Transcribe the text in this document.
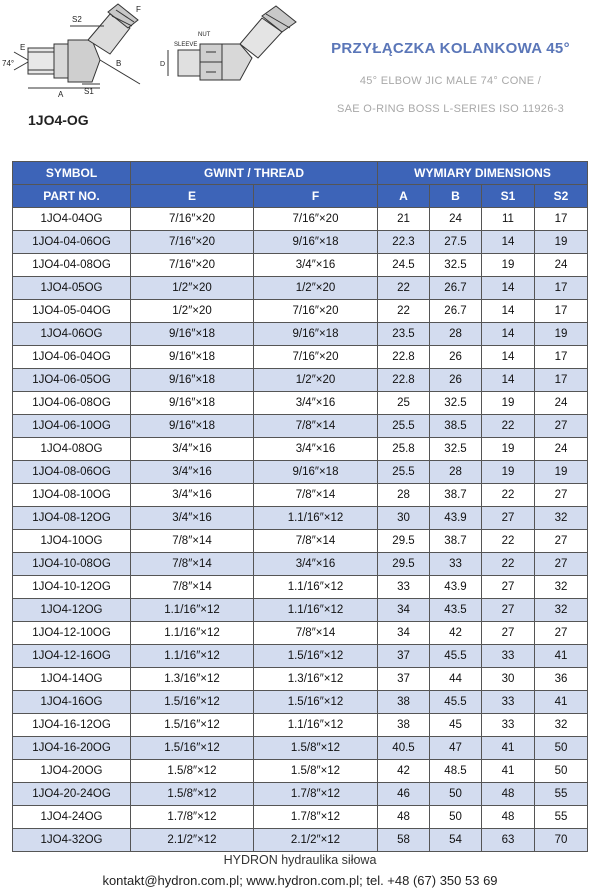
S2
E
74°
A	S1
B
F
NUT
SLEEVE
D
1JO4-OG
PRZYŁĄCZKA KOLANKOWA 45°
45° ELBOW JIC MALE 74° CONE /
SAE O-RING BOSS L-SERIES ISO 11926-3
SYMBOL	GWINT / THREAD		WYMIARY DIMENSIONS			
PART NO.	E	F	A	B	S1	S2
1JO4-04OG	7/16″×20	7/16″×20	21	24	11	17
1JO4-04-06OG	7/16″×20	9/16″×18	22.3	27.5	14	19
1JO4-04-08OG	7/16″×20	3/4″×16	24.5	32.5	19	24
1JO4-05OG	1/2″×20	1/2″×20	22	26.7	14	17
1JO4-05-04OG	1/2″×20	7/16″×20	22	26.7	14	17
1JO4-06OG	9/16″×18	9/16″×18	23.5	28	14	19
1JO4-06-04OG	9/16″×18	7/16″×20	22.8	26	14	17
1JO4-06-05OG	9/16″×18	1/2″×20	22.8	26	14	17
1JO4-06-08OG	9/16″×18	3/4″×16	25	32.5	19	24
1JO4-06-10OG	9/16″×18	7/8″×14	25.5	38.5	22	27
1JO4-08OG	3/4″×16	3/4″×16	25.8	32.5	19	24
1JO4-08-06OG	3/4″×16	9/16″×18	25.5	28	19	19
1JO4-08-10OG	3/4″×16	7/8″×14	28	38.7	22	27
1JO4-08-12OG	3/4″×16	1.1/16″×12	30	43.9	27	32
1JO4-10OG	7/8″×14	7/8″×14	29.5	38.7	22	27
1JO4-10-08OG	7/8″×14	3/4″×16	29.5	33	22	27
1JO4-10-12OG	7/8″×14	1.1/16″×12	33	43.9	27	32
1JO4-12OG	1.1/16″×12	1.1/16″×12	34	43.5	27	32
1JO4-12-10OG	1.1/16″×12	7/8″×14	34	42	27	27
1JO4-12-16OG	1.1/16″×12	1.5/16″×12	37	45.5	33	41
1JO4-14OG	1.3/16″×12	1.3/16″×12	37	44	30	36
1JO4-16OG	1.5/16″×12	1.5/16″×12	38	45.5	33	41
1JO4-16-12OG	1.5/16″×12	1.1/16″×12	38	45	33	32
1JO4-16-20OG	1.5/16″×12	1.5/8″×12	40.5	47	41	50
1JO4-20OG	1.5/8″×12	1.5/8″×12	42	48.5	41	50
1JO4-20-24OG	1.5/8″×12	1.7/8″×12	46	50	48	55
1JO4-24OG	1.7/8″×12	1.7/8″×12	48	50	48	55
1JO4-32OG	2.1/2″×12	2.1/2″×12	58	54	63	70
HYDRON hydraulika siłowa
kontakt@hydron.com.pl; www.hydron.com.pl; tel. +48 (67) 350 53 69
